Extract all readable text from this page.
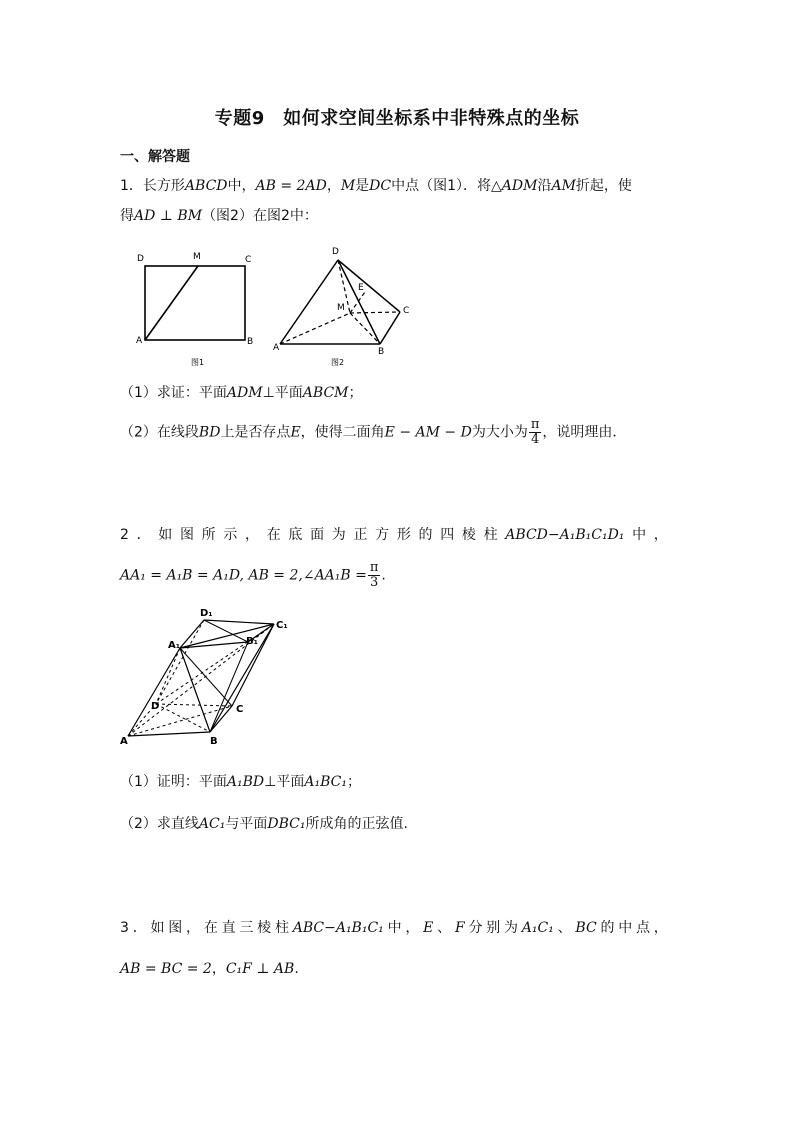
专题9　如何求空间坐标系中非特殊点的坐标
一、解答题
1．长方形ABCD中，AB = 2AD，M是DC中点（图1）．将△ADM沿AM折起，使
得AD ⊥ BM（图2）在图2中：
D	M	C
A	B
图1
D
E
M	C
A	B
图2
（1）求证：平面ADM⊥平面ABCM；
（2）在线段BD上是否存点E，使得二面角E − AM − D为大小为 $\frac{\pi}{4}$ ，说明理由．
2 ． 如 图 所 示 ， 在 底 面 为 正 方 形 的 四 棱 柱 ABCD−A₁B₁C₁D₁ 中 ，
AA₁ = A₁B = A₁D, AB = 2,∠AA₁B = $\frac{\pi}{3}$ .
D₁
C₁
A₁	B₁
D	C
A	B
（1）证明：平面A₁BD⊥平面A₁BC₁；
（2）求直线AC₁与平面DBC₁所成角的正弦值.
3 ． 如 图 ， 在 直 三 棱 柱 ABC−A₁B₁C₁ 中 ， E 、 F 分 别 为 A₁C₁ 、 BC 的 中 点 ，
AB = BC = 2，C₁F ⊥ AB.
